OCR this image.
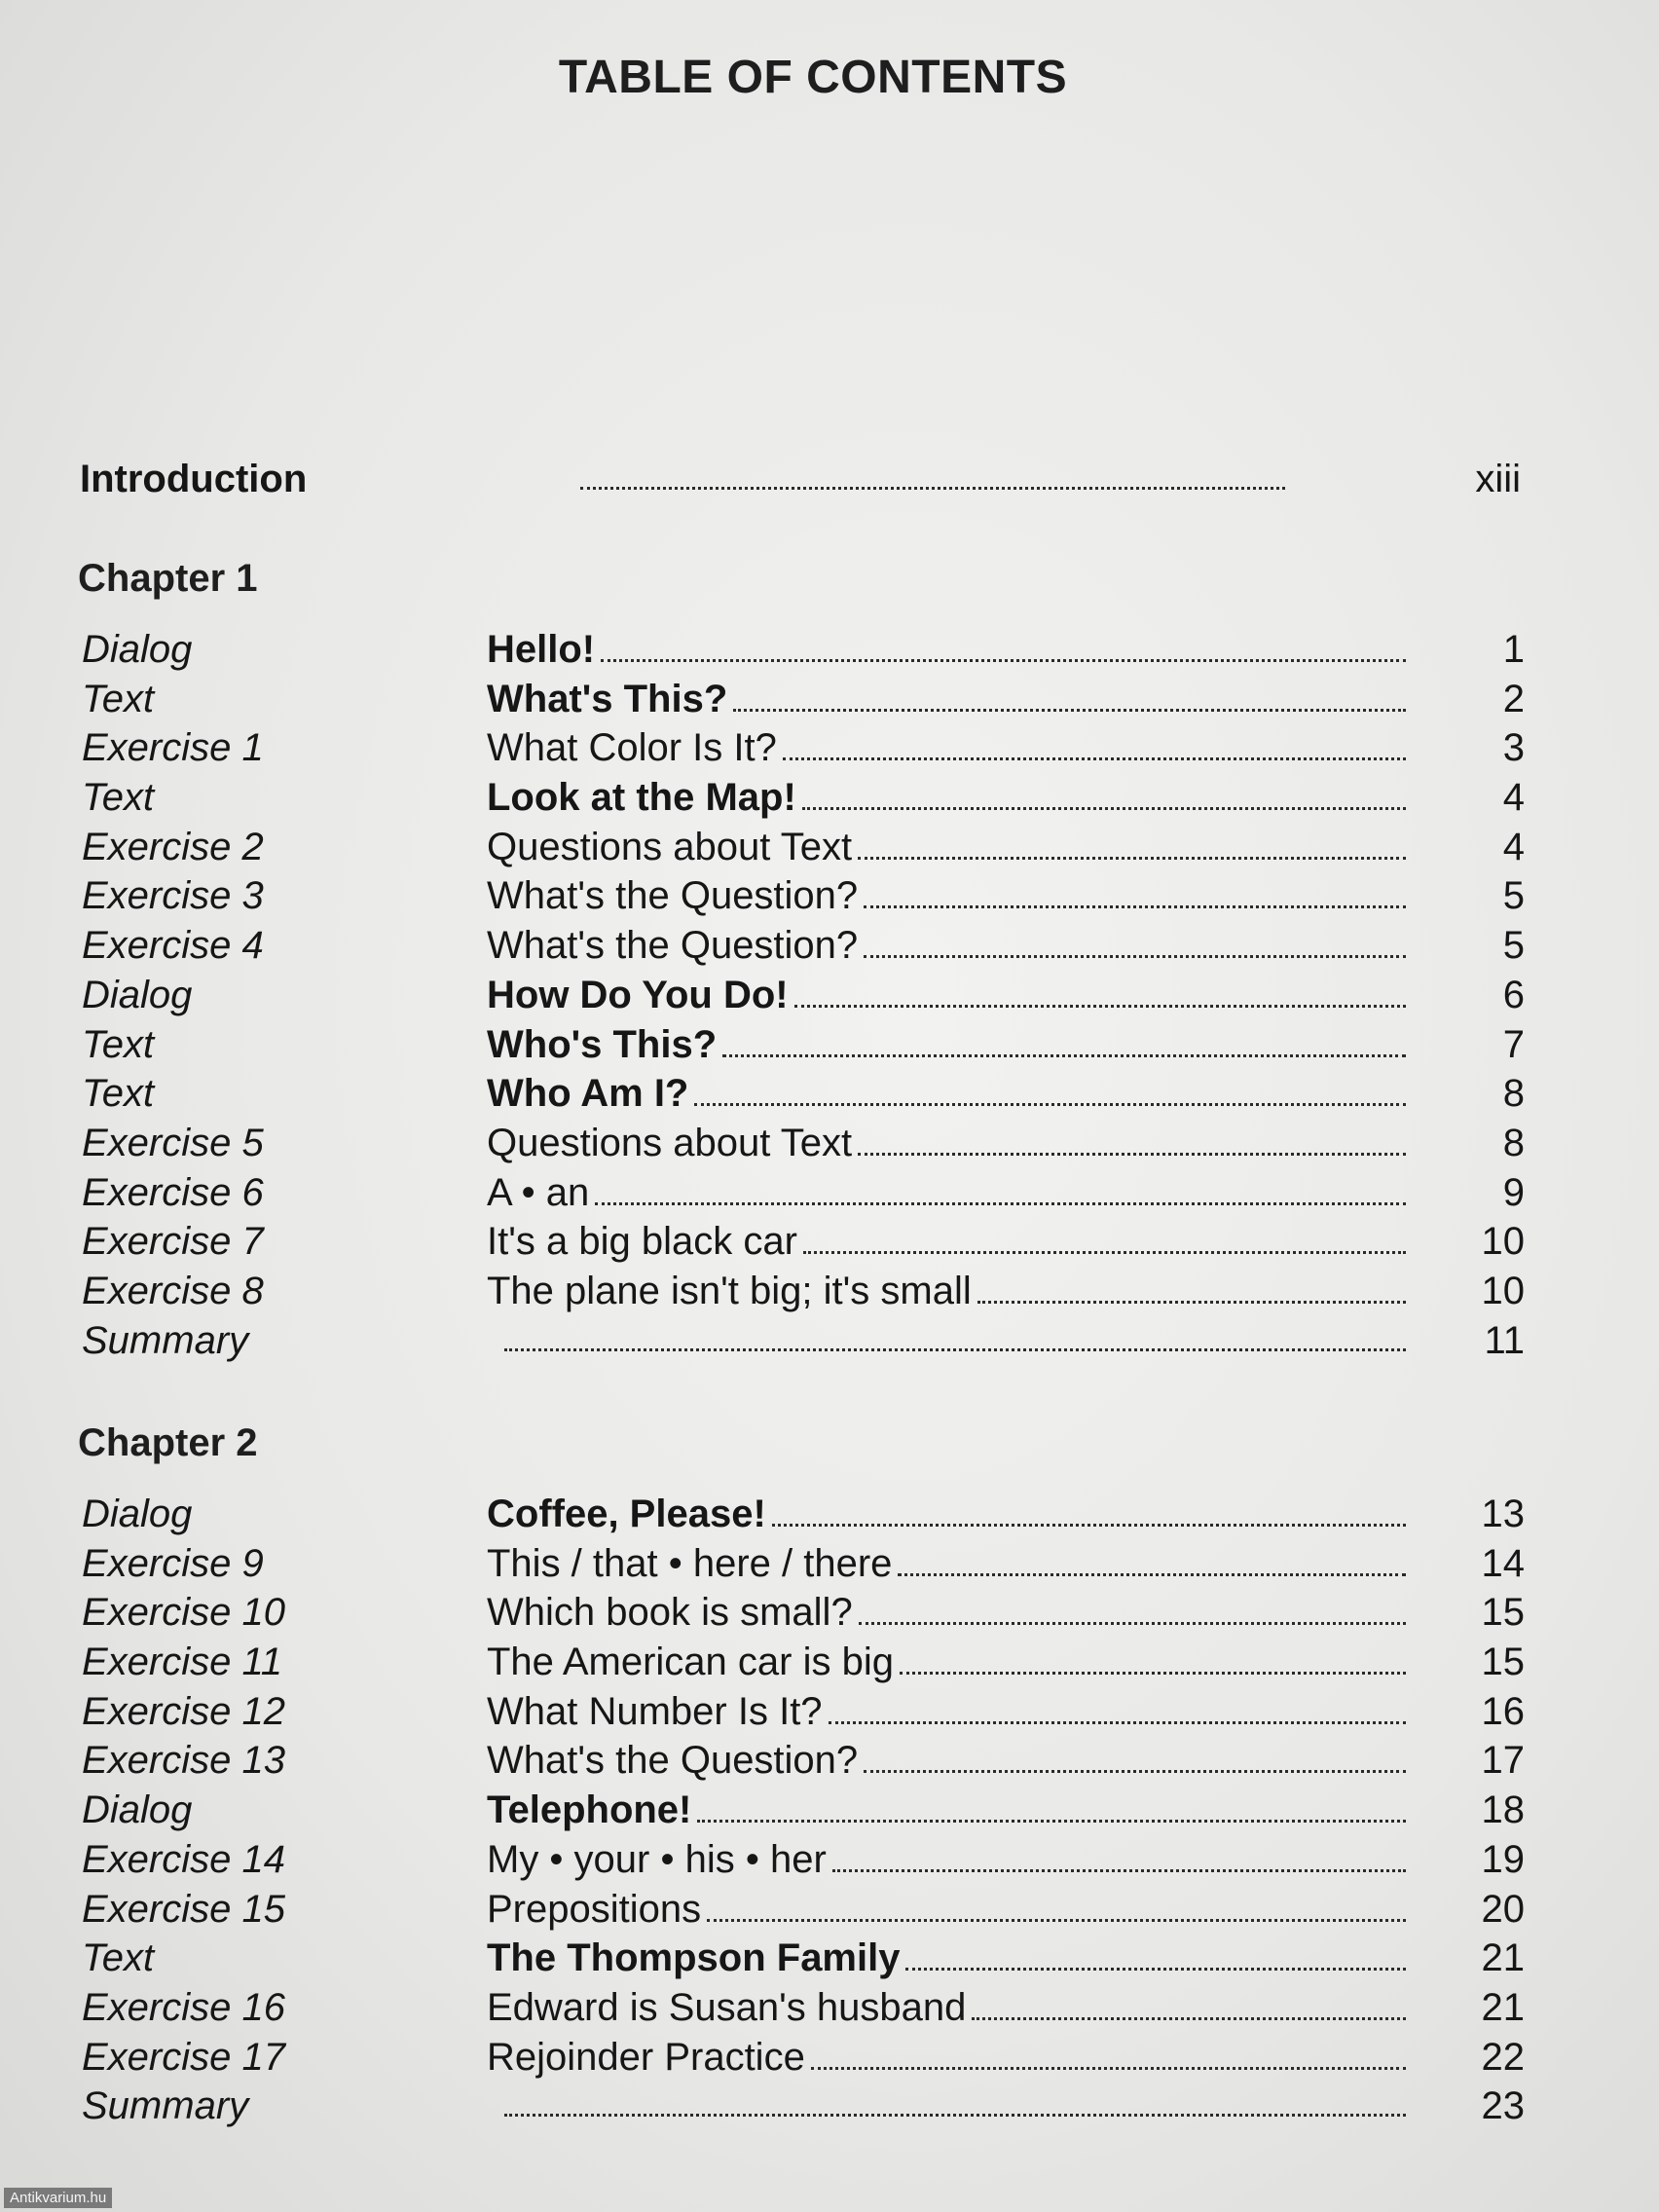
TABLE OF CONTENTS
Introduction	xiii
Chapter 1
Dialog	Hello!	1
Text	What's This?	2
Exercise 1	What Color Is It?	3
Text	Look at the Map!	4
Exercise 2	Questions about Text	4
Exercise 3	What's the Question?	5
Exercise 4	What's the Question?	5
Dialog	How Do You Do!	6
Text	Who's This?	7
Text	Who Am I?	8
Exercise 5	Questions about Text	8
Exercise 6	A • an	9
Exercise 7	It's a big black car	10
Exercise 8	The plane isn't big; it's small	10
Summary	11
Chapter 2
Dialog	Coffee, Please!	13
Exercise 9	This / that • here / there	14
Exercise 10	Which book is small?	15
Exercise 11	The American car is big	15
Exercise 12	What Number Is It?	16
Exercise 13	What's the Question?	17
Dialog	Telephone!	18
Exercise 14	My • your • his • her	19
Exercise 15	Prepositions	20
Text	The Thompson Family	21
Exercise 16	Edward is Susan's husband	21
Exercise 17	Rejoinder Practice	22
Summary	23
Antikvarium.hu
